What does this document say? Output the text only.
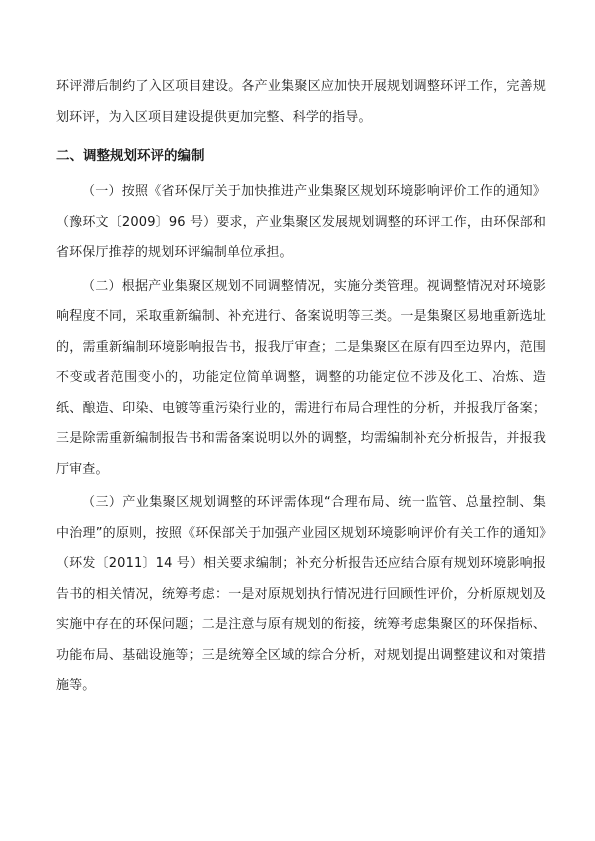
环评滞后制约了入区项目建设。各产业集聚区应加快开展规划调整环评工作，完善规划环评，为入区项目建设提供更加完整、科学的指导。

二、调整规划环评的编制

（一）按照《省环保厅关于加快推进产业集聚区规划环境影响评价工作的通知》（豫环文〔2009〕96 号）要求，产业集聚区发展规划调整的环评工作，由环保部和省环保厅推荐的规划环评编制单位承担。

（二）根据产业集聚区规划不同调整情况，实施分类管理。视调整情况对环境影响程度不同，采取重新编制、补充进行、备案说明等三类。一是集聚区易地重新选址的，需重新编制环境影响报告书，报我厅审查；二是集聚区在原有四至边界内，范围不变或者范围变小的，功能定位简单调整，调整的功能定位不涉及化工、冶炼、造纸、酿造、印染、电镀等重污染行业的，需进行布局合理性的分析，并报我厅备案；三是除需重新编制报告书和需备案说明以外的调整，均需编制补充分析报告，并报我厅审查。

（三）产业集聚区规划调整的环评需体现“合理布局、统一监管、总量控制、集中治理”的原则，按照《环保部关于加强产业园区规划环境影响评价有关工作的通知》（环发〔2011〕14 号）相关要求编制；补充分析报告还应结合原有规划环境影响报告书的相关情况，统筹考虑：一是对原规划执行情况进行回顾性评价，分析原规划及实施中存在的环保问题；二是注意与原有规划的衔接，统筹考虑集聚区的环保指标、功能布局、基础设施等；三是统筹全区域的综合分析，对规划提出调整建议和对策措施等。
